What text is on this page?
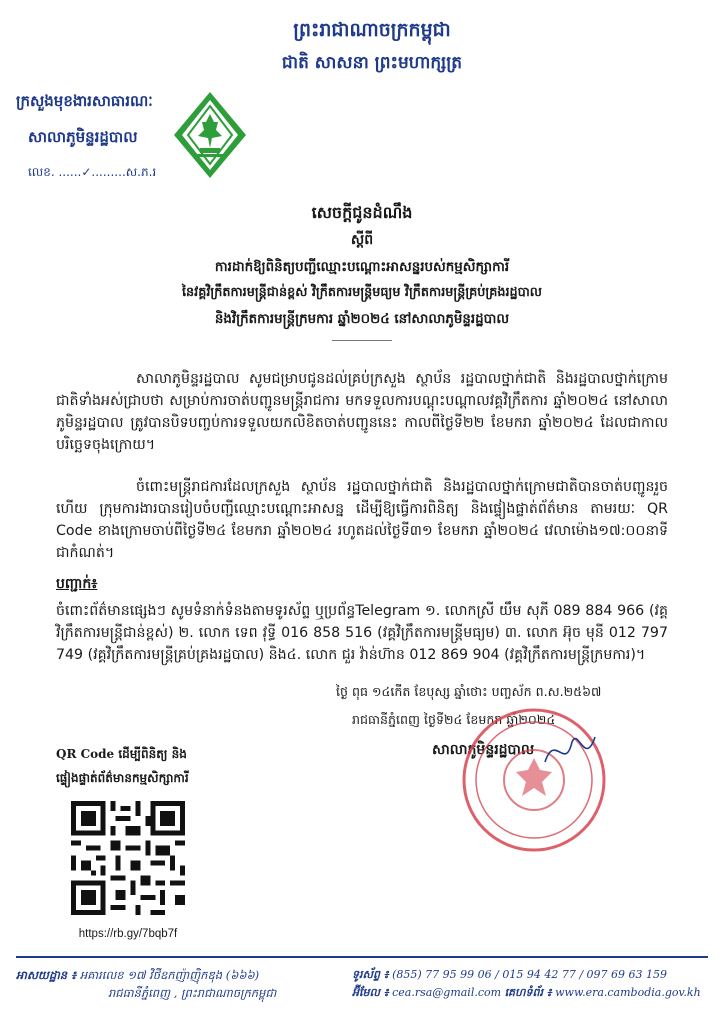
ព្រះរាជាណាចក្រកម្ពុជា
ជាតិ សាសនា ព្រះមហាក្សត្រ
ក្រសួងមុខងារសាធារណៈ
សាលាភូមិន្ទរដ្ឋបាល
លេខ. ......✓.........ស.ភ.រ
សេចក្តីជូនដំណឹង
ស្តីពី
ការដាក់ឱ្យពិនិត្យបញ្ជីឈ្មោះបណ្តោះអាសន្នរបស់កម្មសិក្សាការី
នៃវគ្គវិក្រឹតការមន្ត្រីជាន់ខ្ពស់ វិក្រឹតការមន្ត្រីមធ្យម វិក្រឹតការមន្ត្រីគ្រប់គ្រងរដ្ឋបាល
និងវិក្រឹតការមន្ត្រីក្រមការ ឆ្នាំ២០២៤ នៅសាលាភូមិន្ទរដ្ឋបាល
សាលាភូមិន្ទរដ្ឋបាល សូមជម្រាបជូនដល់គ្រប់ក្រសួង ស្ថាប័ន រដ្ឋបាលថ្នាក់ជាតិ និងរដ្ឋបាលថ្នាក់ក្រោមជាតិទាំងអស់ជ្រាបថា សម្រាប់ការចាត់បញ្ជូនមន្ត្រីរាជការ មកទទួលការបណ្តុះបណ្តាលវគ្គវិក្រឹតការ ឆ្នាំ២០២៤ នៅសាលាភូមិន្ទរដ្ឋបាល ត្រូវបានបិទបញ្ចប់ការទទួលយកលិខិតចាត់បញ្ជូននេះ កាលពីថ្ងៃទី២២ ខែមករា ឆ្នាំ២០២៤ ដែលជាកាលបរិច្ឆេទចុងក្រោយ។
ចំពោះមន្ត្រីរាជការដែលក្រសួង ស្ថាប័ន រដ្ឋបាលថ្នាក់ជាតិ និងរដ្ឋបាលថ្នាក់ក្រោមជាតិបានចាត់បញ្ជូនរួចហើយ ក្រុមការងារបានរៀបចំបញ្ជីឈ្មោះបណ្តោះអាសន្ន ដើម្បីឱ្យធ្វើការពិនិត្យ និងផ្ទៀងផ្ទាត់ព័ត៌មាន តាមរយៈ QR Code ខាងក្រោមចាប់ពីថ្ងៃទី២៤ ខែមករា ឆ្នាំ២០២៤ រហូតដល់ថ្ងៃទី៣១ ខែមករា ឆ្នាំ២០២៤ វេលាម៉ោង១៧:០០នាទីជាកំណត់។
បញ្ជាក់៖
ចំពោះព័ត៌មានផ្សេងៗ សូមទំនាក់ទំនងតាមទូរស័ព្ទ ឬប្រព័ន្ធTelegram ១. លោកស្រី យឹម សុភី 089 884 966 (វគ្គវិក្រឹតការមន្ត្រីជាន់ខ្ពស់) ២. លោក ទេព វុទ្ធី 016 858 516 (វគ្គវិក្រឹតការមន្ត្រីមធ្យម) ៣. លោក អ៊ុច មុនី 012 797 749 (វគ្គវិក្រឹតការមន្ត្រីគ្រប់គ្រងរដ្ឋបាល) និង៤. លោក ជួរ វ៉ាន់ហ៊ាន 012 869 904 (វគ្គវិក្រឹតការមន្ត្រីក្រមការ)។
ថ្ងៃ ពុធ ១៤កើត ខែបុស្ស ឆ្នាំថោះ បញ្ចស័ក ព.ស.២៥៦៧
រាជធានីភ្នំពេញ ថ្ងៃទី២៤ ខែមករា ឆ្នាំ២០២៤
សាលាភូមិន្ទរដ្ឋបាល
QR Code ដើម្បីពិនិត្យ និង
ផ្ទៀងផ្ទាត់ព័ត៌មានកម្មសិក្សាការី
https://rb.gy/7bqb7f
អាសយដ្ឋាន ៖ អគារលេខ ១៧ វិថីឧកញ៉ាញ៉ិកឌុង (៦៦៦)
រាជធានីភ្នំពេញ , ព្រះរាជាណាចក្រកម្ពុជា
ទូរស័ព្ទ ៖ (855) 77 95 99 06 / 015 94 42 77 / 097 69 63 159
អ៊ីមែល ៖ cea.rsa@gmail.com គេហទំព័រ ៖ www.era.cambodia.gov.kh
